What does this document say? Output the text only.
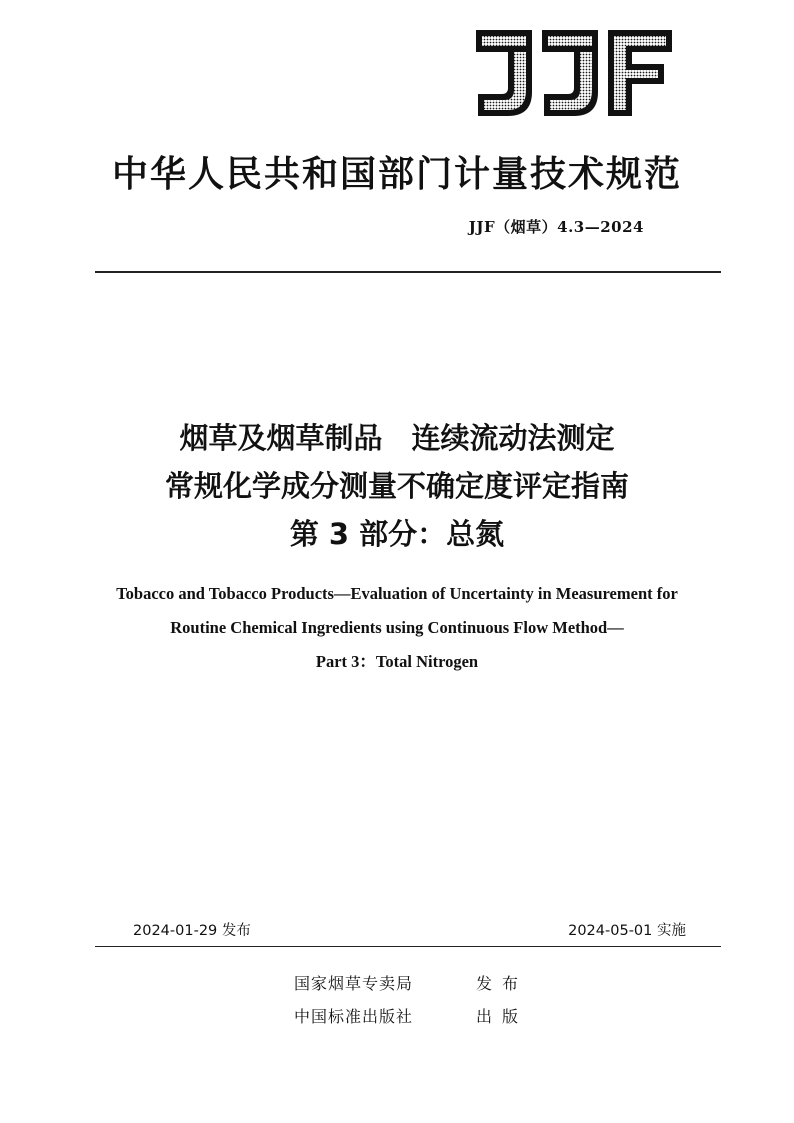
中华人民共和国部门计量技术规范
JJF（烟草）4.3—2024
烟草及烟草制品　连续流动法测定
常规化学成分测量不确定度评定指南
第 3 部分：总氮
Tobacco and Tobacco Products—Evaluation of Uncertainty in Measurement for
Routine Chemical Ingredients using Continuous Flow Method—
Part 3：Total Nitrogen
2024-01-29 发布	2024-05-01 实施
国家烟草专卖局	发布
中国标准出版社	出版
